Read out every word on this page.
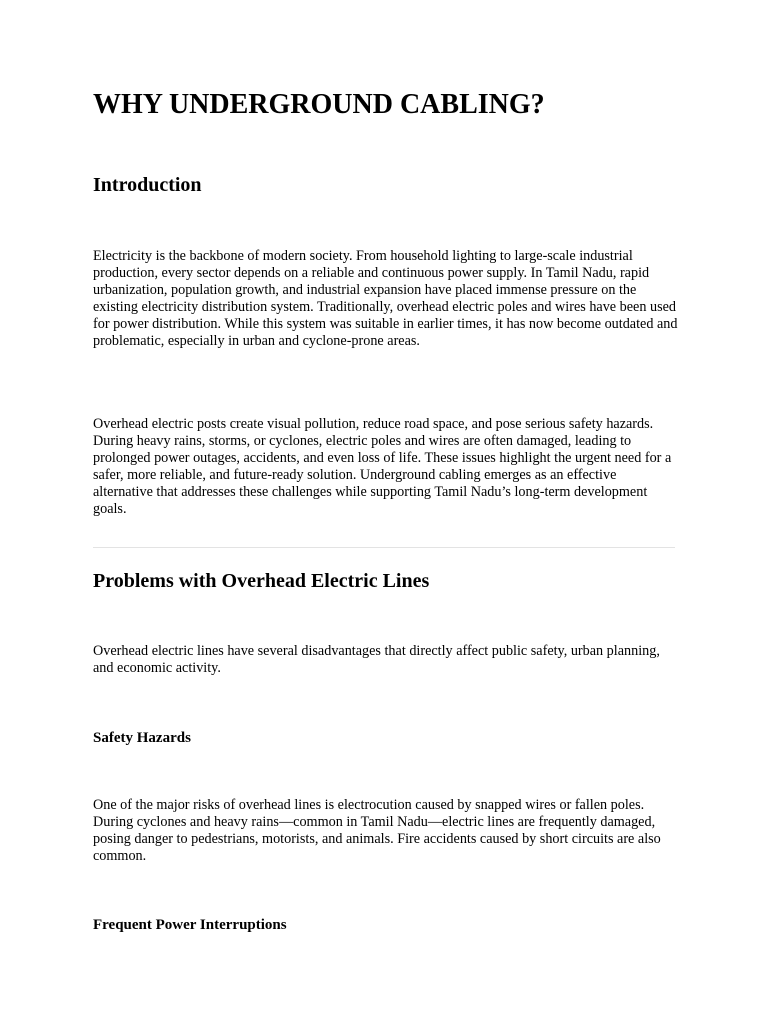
WHY UNDERGROUND CABLING?
Introduction

Electricity is the backbone of modern society. From household lighting to large-scale industrial production, every sector depends on a reliable and continuous power supply. In Tamil Nadu, rapid urbanization, population growth, and industrial expansion have placed immense pressure on the existing electricity distribution system. Traditionally, overhead electric poles and wires have been used for power distribution. While this system was suitable in earlier times, it has now become outdated and problematic, especially in urban and cyclone-prone areas.

Overhead electric posts create visual pollution, reduce road space, and pose serious safety hazards. During heavy rains, storms, or cyclones, electric poles and wires are often damaged, leading to prolonged power outages, accidents, and even loss of life. These issues highlight the urgent need for a safer, more reliable, and future-ready solution. Underground cabling emerges as an effective alternative that addresses these challenges while supporting Tamil Nadu’s long-term development goals.

Problems with Overhead Electric Lines

Overhead electric lines have several disadvantages that directly affect public safety, urban planning, and economic activity.

Safety Hazards

One of the major risks of overhead lines is electrocution caused by snapped wires or fallen poles. During cyclones and heavy rains—common in Tamil Nadu—electric lines are frequently damaged, posing danger to pedestrians, motorists, and animals. Fire accidents caused by short circuits are also common.

Frequent Power Interruptions
